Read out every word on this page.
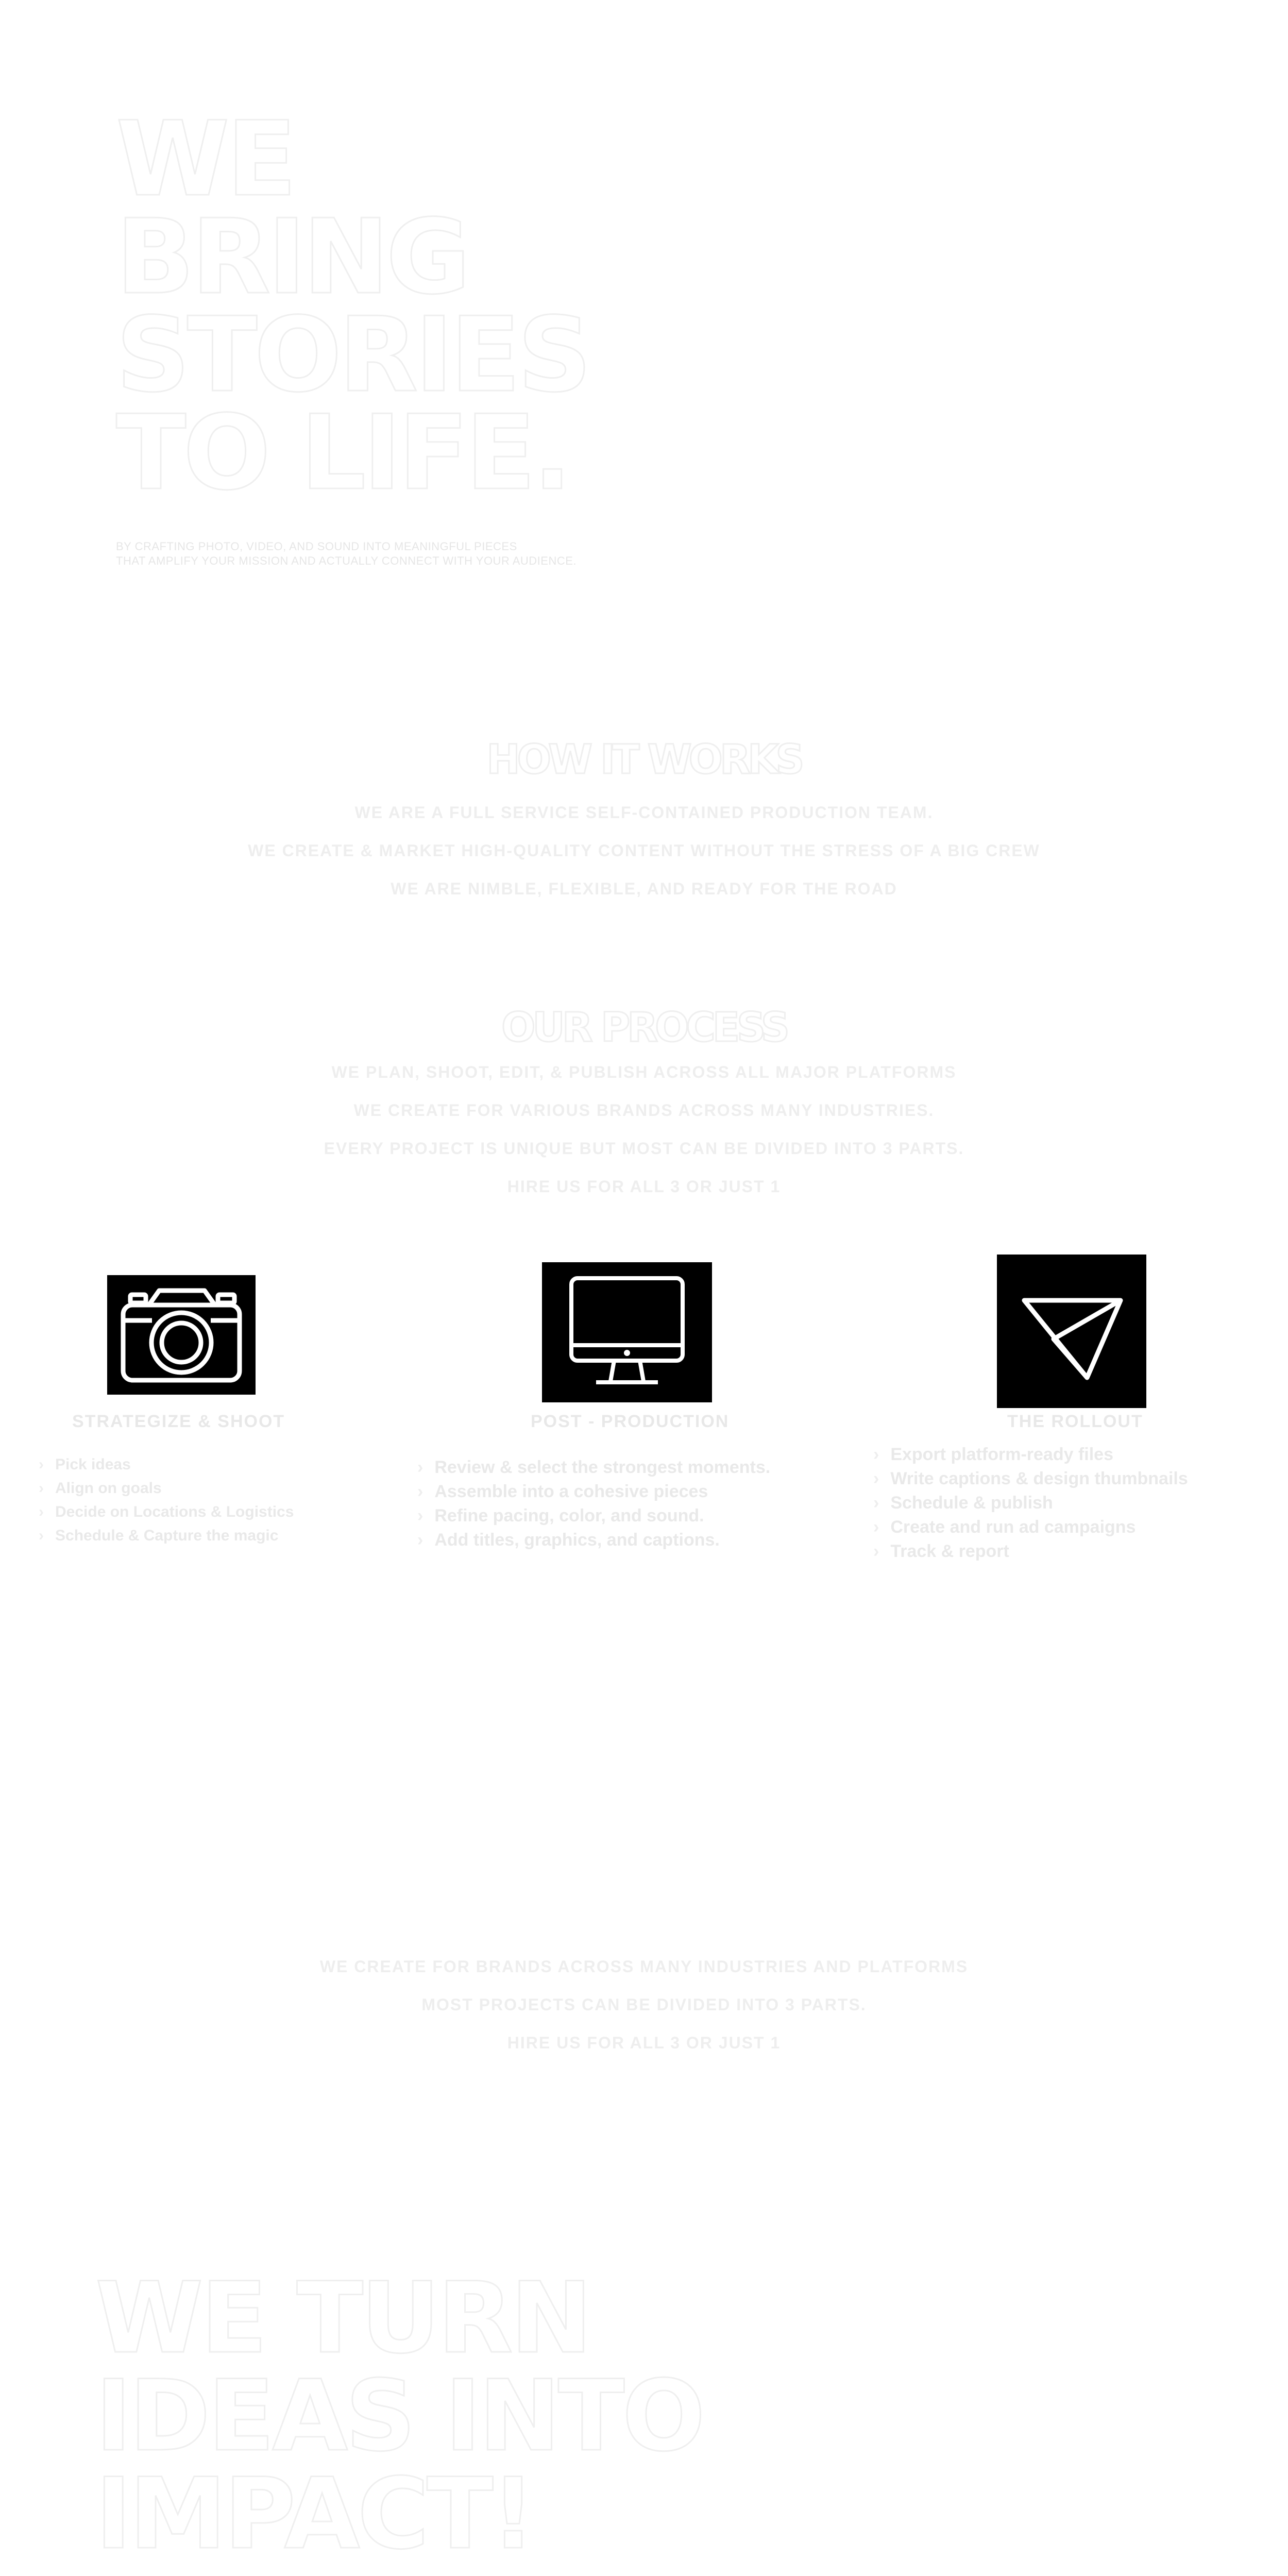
WE
BRING
STORIES
TO LIFE.
BY CRAFTING PHOTO, VIDEO, AND SOUND INTO MEANINGFUL PIECES
THAT AMPLIFY YOUR MISSION AND ACTUALLY CONNECT WITH YOUR AUDIENCE.
HOW IT WORKS
WE ARE A FULL SERVICE SELF-CONTAINED PRODUCTION TEAM.
WE CREATE & MARKET HIGH-QUALITY CONTENT WITHOUT THE STRESS OF A BIG CREW
WE ARE NIMBLE, FLEXIBLE, AND READY FOR THE ROAD
OUR PROCESS
WE PLAN, SHOOT, EDIT, & PUBLISH ACROSS ALL MAJOR PLATFORMS
WE CREATE FOR VARIOUS BRANDS ACROSS MANY INDUSTRIES.
EVERY PROJECT IS UNIQUE BUT MOST CAN BE DIVIDED INTO 3 PARTS.
HIRE US FOR ALL 3 OR JUST 1
STRATEGIZE & SHOOT
› Pick ideas
› Align on goals
› Decide on Locations & Logistics
› Schedule & Capture the magic
POST - PRODUCTION
› Review & select the strongest moments.
› Assemble into a cohesive pieces
› Refine pacing, color, and sound.
› Add titles, graphics, and captions.
THE ROLLOUT
› Export platform-ready files
› Write captions & design thumbnails
› Schedule & publish
› Create and run ad campaigns
› Track & report
WE CREATE FOR BRANDS ACROSS MANY INDUSTRIES AND PLATFORMS
MOST PROJECTS CAN BE DIVIDED INTO 3 PARTS.
HIRE US FOR ALL 3 OR JUST 1
WE TURN
IDEAS INTO
IMPACT!
